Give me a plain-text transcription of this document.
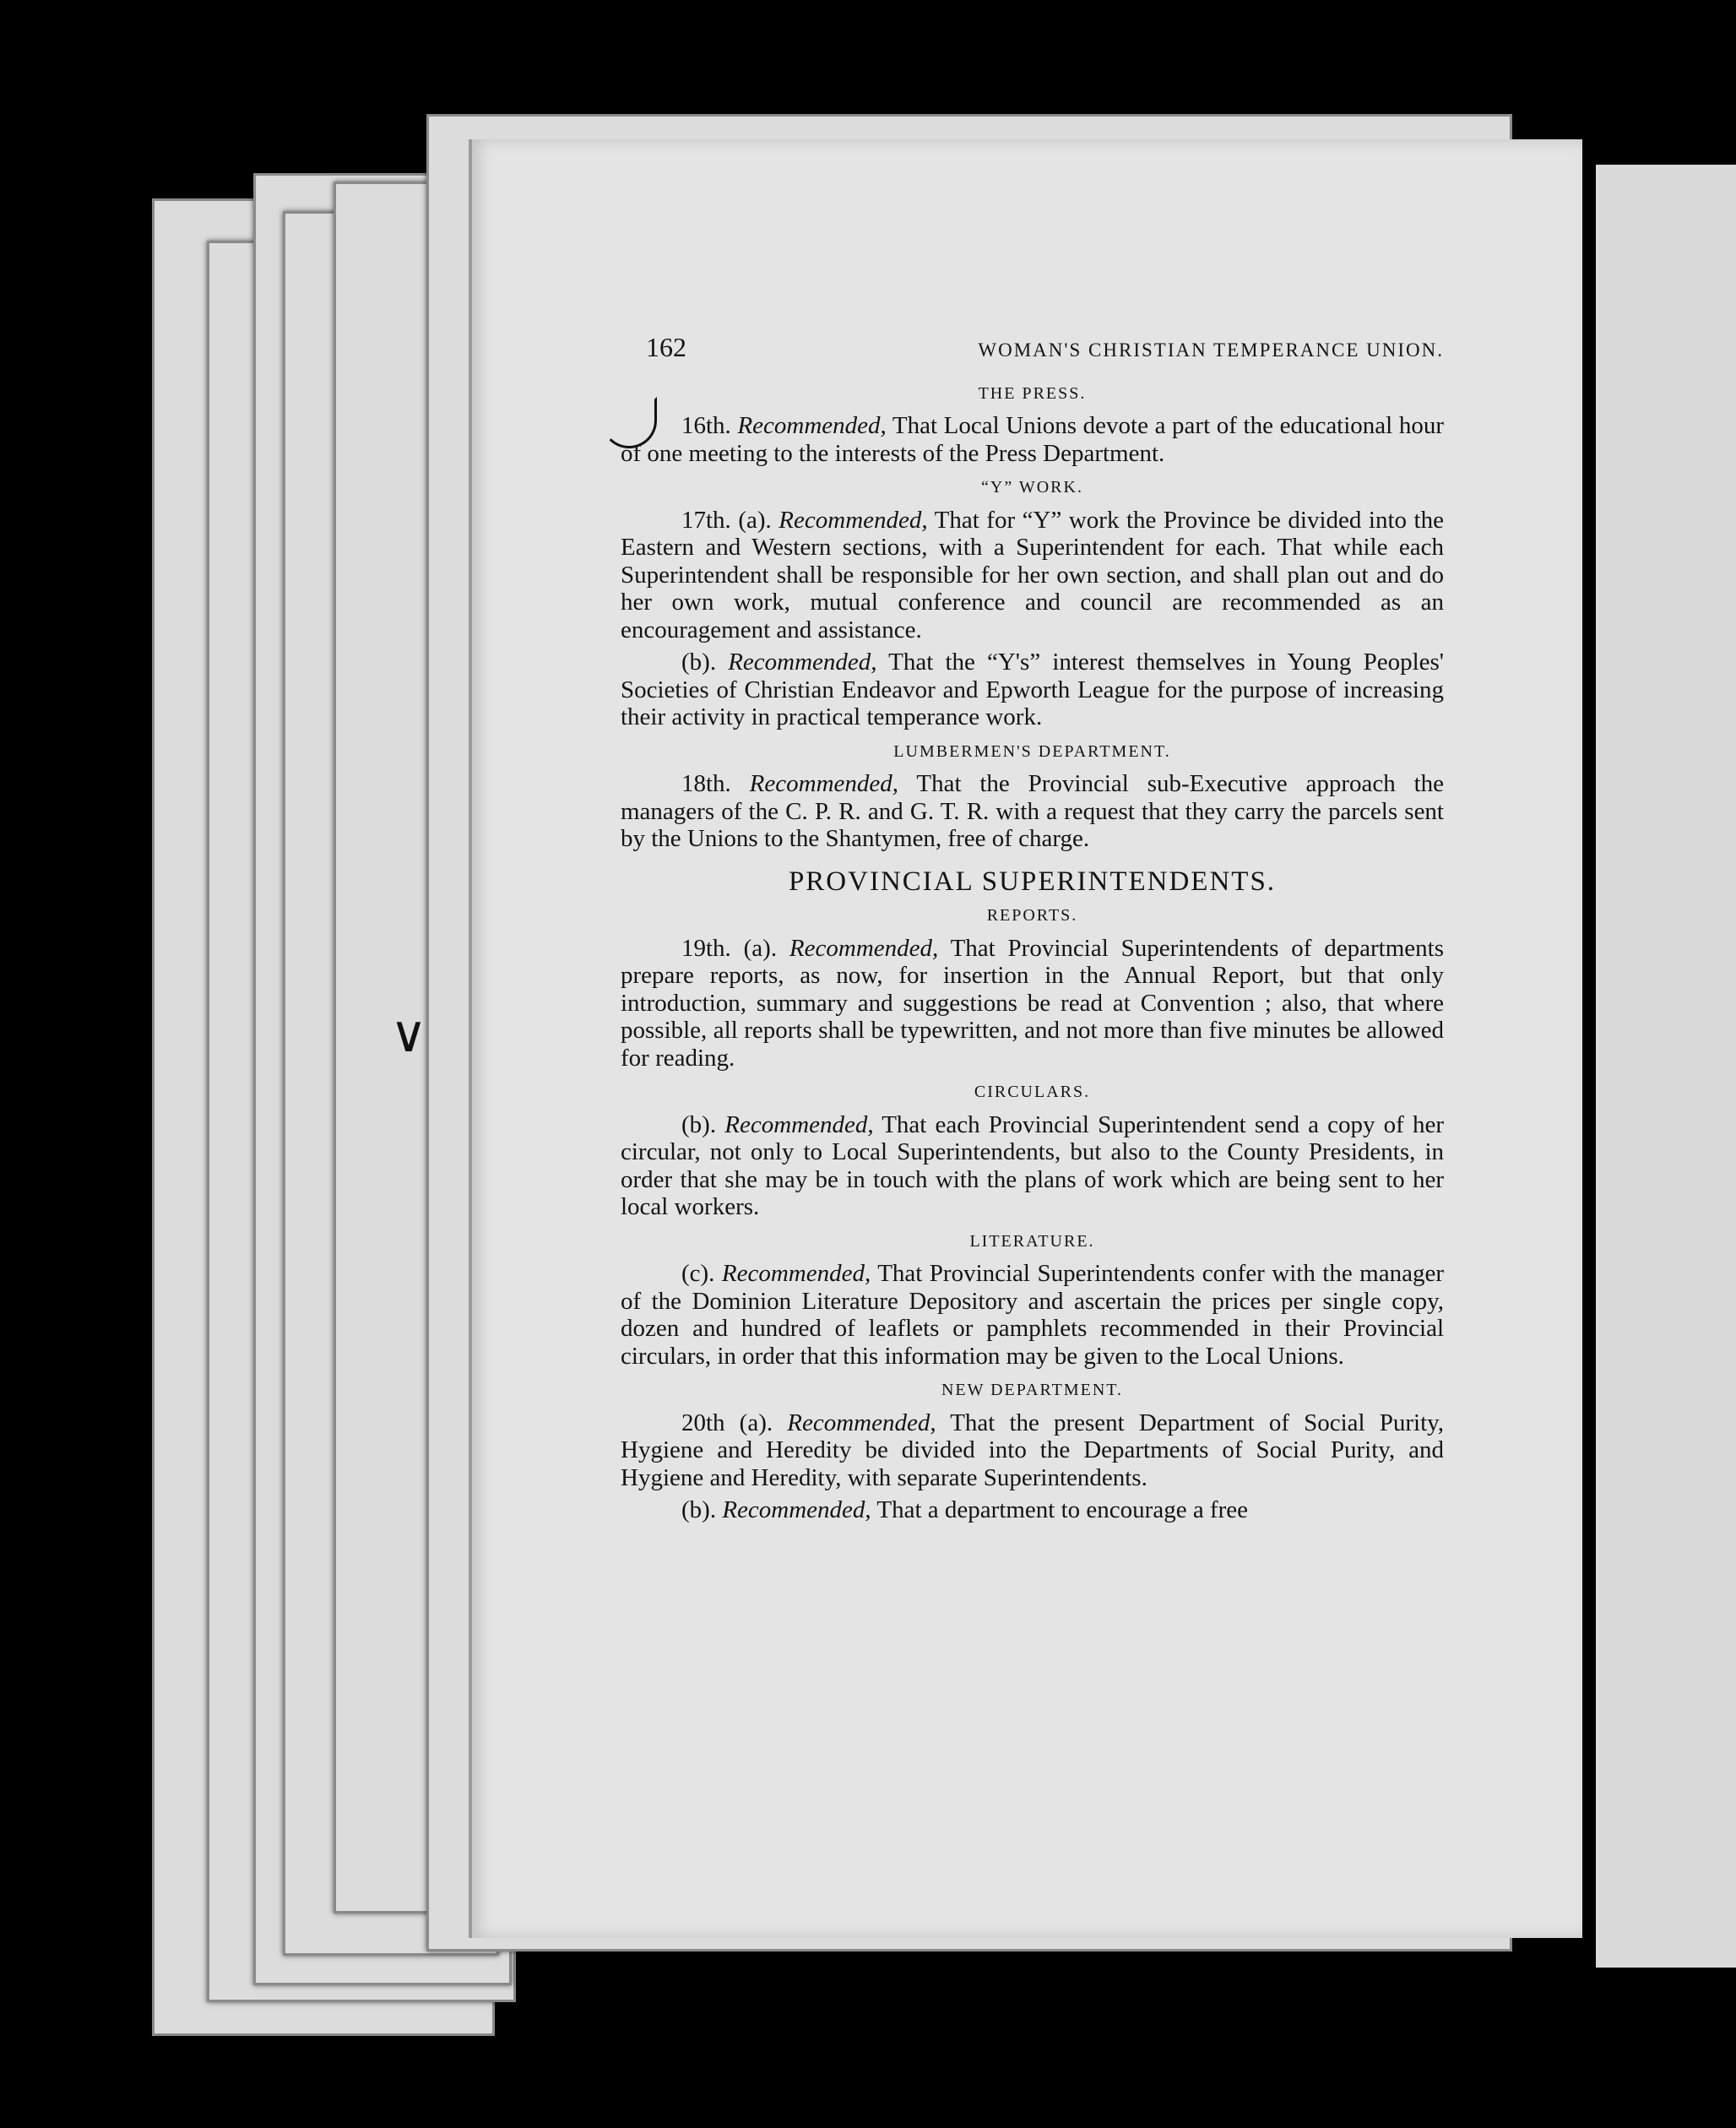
∨
162	WOMAN'S CHRISTIAN TEMPERANCE UNION.
THE PRESS.

16th. Recommended, That Local Unions devote a part of the educational hour of one meeting to the interests of the Press Department.

“Y” WORK.

17th. (a). Recommended, That for “Y” work the Province be divided into the Eastern and Western sections, with a Superintendent for each. That while each Superintendent shall be responsible for her own section, and shall plan out and do her own work, mutual conference and council are recommended as an encouragement and assistance.

(b). Recommended, That the “Y's” interest themselves in Young Peoples' Societies of Christian Endeavor and Epworth League for the purpose of increasing their activity in practical temperance work.

LUMBERMEN'S DEPARTMENT.

18th. Recommended, That the Provincial sub-Executive approach the managers of the C. P. R. and G. T. R. with a request that they carry the parcels sent by the Unions to the Shantymen, free of charge.

PROVINCIAL SUPERINTENDENTS.
REPORTS.

19th. (a). Recommended, That Provincial Superintendents of departments prepare reports, as now, for insertion in the Annual Report, but that only introduction, summary and suggestions be read at Convention ; also, that where possible, all reports shall be typewritten, and not more than five minutes be allowed for reading.

CIRCULARS.

(b). Recommended, That each Provincial Superintendent send a copy of her circular, not only to Local Superintendents, but also to the County Presidents, in order that she may be in touch with the plans of work which are being sent to her local workers.

LITERATURE.

(c). Recommended, That Provincial Superintendents confer with the manager of the Dominion Literature Depository and ascertain the prices per single copy, dozen and hundred of leaflets or pamphlets recommended in their Provincial circulars, in order that this information may be given to the Local Unions.

NEW DEPARTMENT.

20th (a). Recommended, That the present Department of Social Purity, Hygiene and Heredity be divided into the Departments of Social Purity, and Hygiene and Heredity, with separate Superintendents.

(b). Recommended, That a department to encourage a free
